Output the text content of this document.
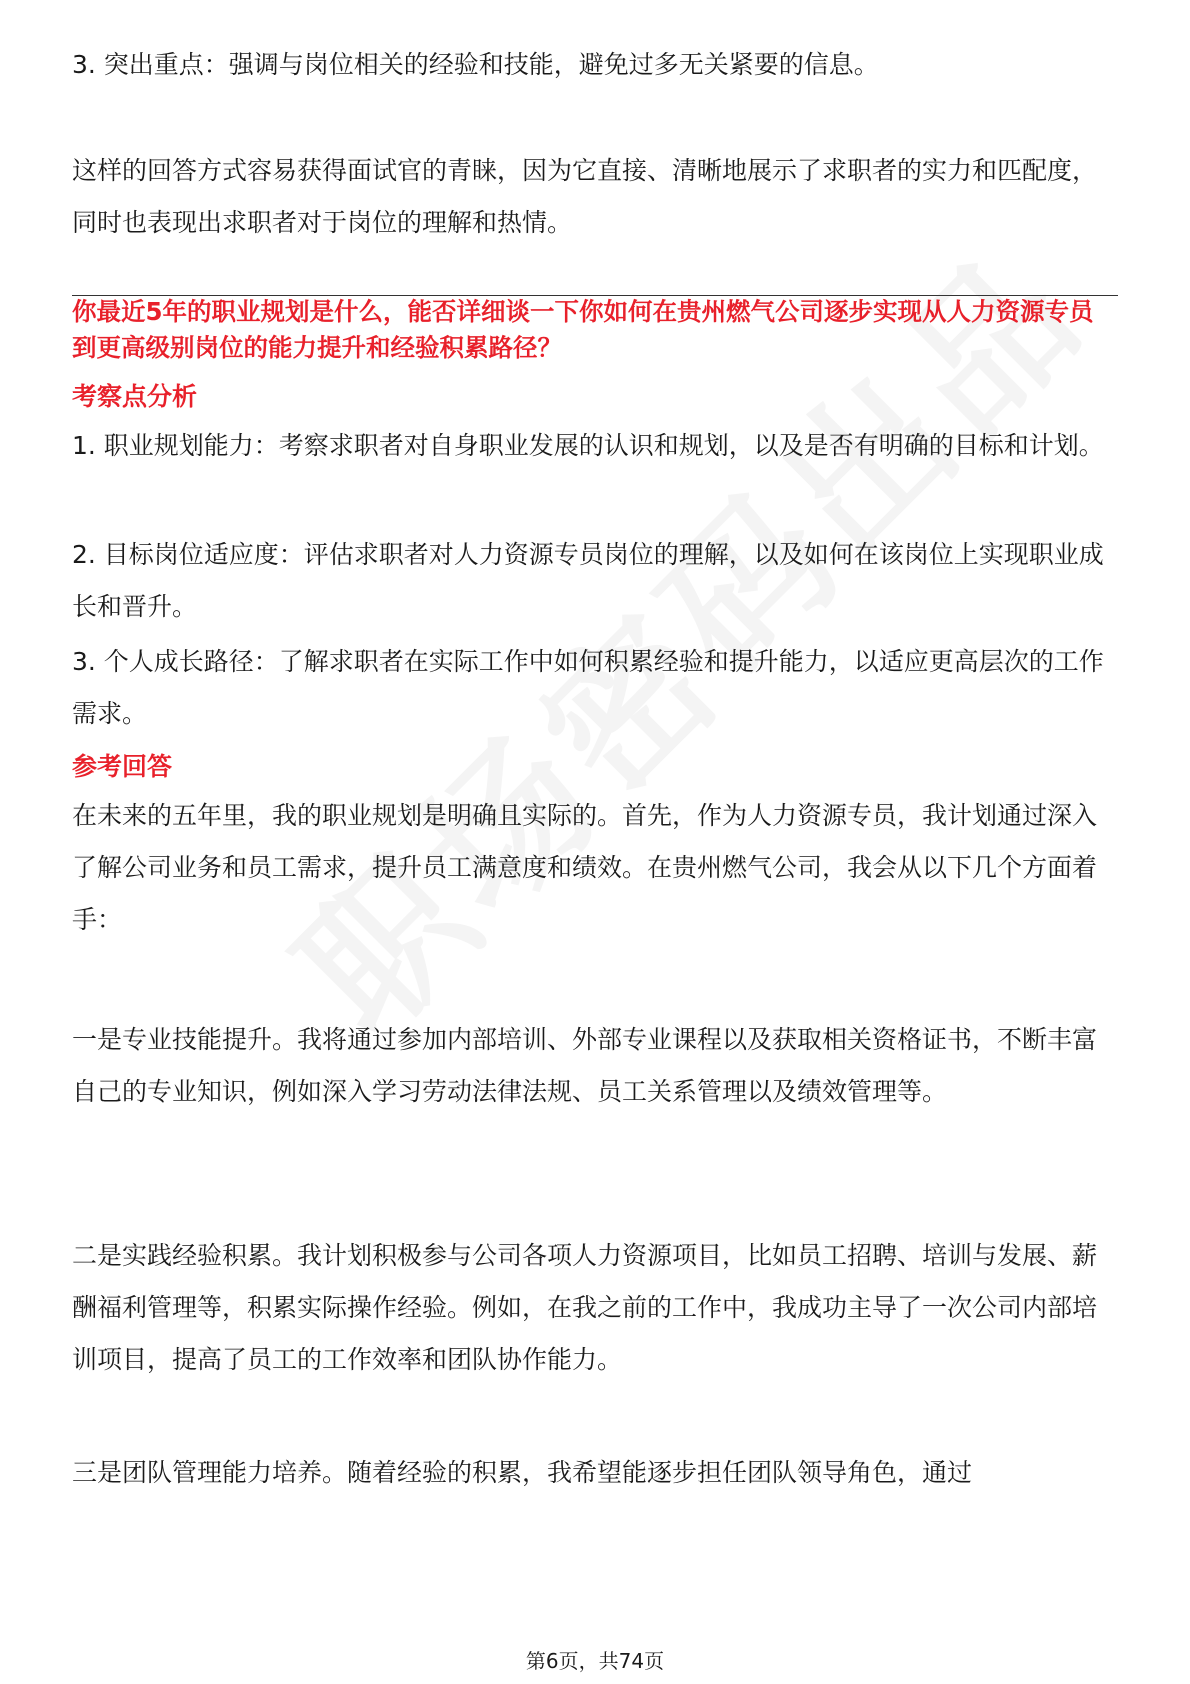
3. 突出重点：强调与岗位相关的经验和技能，避免过多无关紧要的信息。

这样的回答方式容易获得面试官的青睐，因为它直接、清晰地展示了求职者的实力和匹配度，同时也表现出求职者对于岗位的理解和热情。

你最近5年的职业规划是什么，能否详细谈一下你如何在贵州燃气公司逐步实现从人力资源专员到更高级别岗位的能力提升和经验积累路径？

考察点分析

1. 职业规划能力：考察求职者对自身职业发展的认识和规划，以及是否有明确的目标和计划。

2. 目标岗位适应度：评估求职者对人力资源专员岗位的理解，以及如何在该岗位上实现职业成长和晋升。

3. 个人成长路径：了解求职者在实际工作中如何积累经验和提升能力，以适应更高层次的工作需求。

参考回答

在未来的五年里，我的职业规划是明确且实际的。首先，作为人力资源专员，我计划通过深入了解公司业务和员工需求，提升员工满意度和绩效。在贵州燃气公司，我会从以下几个方面着手：

一是专业技能提升。我将通过参加内部培训、外部专业课程以及获取相关资格证书，不断丰富自己的专业知识，例如深入学习劳动法律法规、员工关系管理以及绩效管理等。

二是实践经验积累。我计划积极参与公司各项人力资源项目，比如员工招聘、培训与发展、薪酬福利管理等，积累实际操作经验。例如，在我之前的工作中，我成功主导了一次公司内部培训项目，提高了员工的工作效率和团队协作能力。

三是团队管理能力培养。随着经验的积累，我希望能逐步担任团队领导角色，通过

第6页，共74页
